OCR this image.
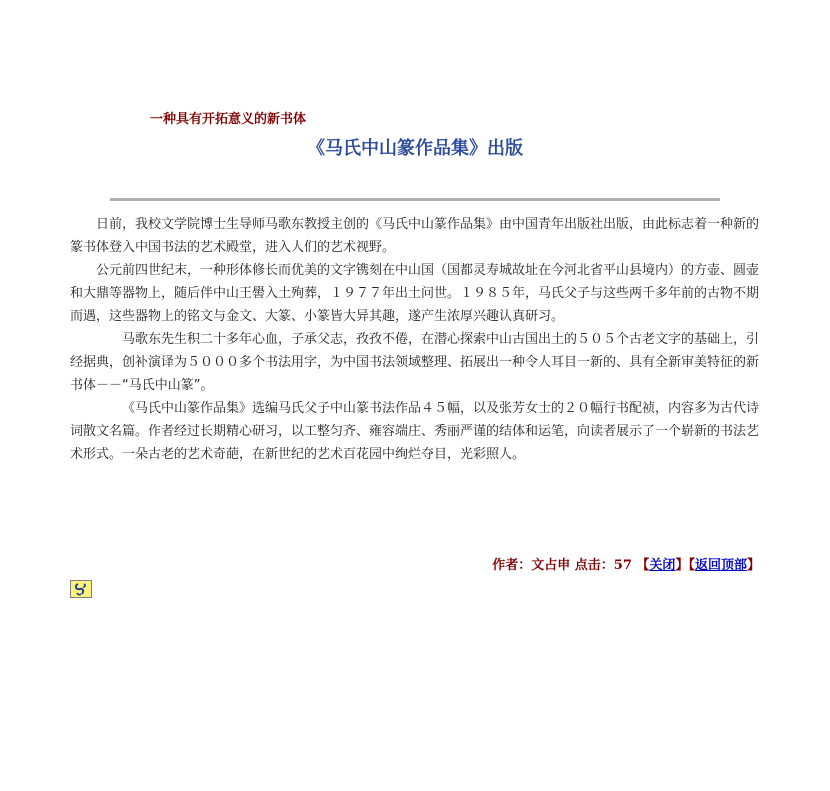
一种具有开拓意义的新书体
《马氏中山篆作品集》出版

日前，我校文学院博士生导师马歌东教授主创的《马氏中山篆作品集》由中国青年出版社出版，由此标志着一种新的篆书体登入中国书法的艺术殿堂，进入人们的艺术视野。

公元前四世纪末，一种形体修长而优美的文字镌刻在中山国（国都灵寿城故址在今河北省平山县境内）的方壶、圆壶和大鼎等器物上，随后伴中山王嚳入土殉葬，１９７７年出土问世。１９８５年，马氏父子与这些两千多年前的古物不期而遇，这些器物上的铭文与金文、大篆、小篆皆大异其趣，遂产生浓厚兴趣认真研习。

马歌东先生积二十多年心血，子承父志，孜孜不倦，在潜心探索中山古国出土的５０５个古老文字的基础上，引经据典，创补演译为５０００多个书法用字，为中国书法领域整理、拓展出一种令人耳目一新的、具有全新审美特征的新书体－－“马氏中山篆”。

《马氏中山篆作品集》选编马氏父子中山篆书法作品４５幅，以及张芳女士的２０幅行书配祯，内容多为古代诗词散文名篇。作者经过长期精心研习，以工整匀齐、雍容端庄、秀丽严谨的结体和运笔，向读者展示了一个崭新的书法艺术形式。一朵古老的艺术奇葩，在新世纪的艺术百花园中绚烂夺目，光彩照人。

作者：文占申 点击：57 【关闭】【返回顶部】
